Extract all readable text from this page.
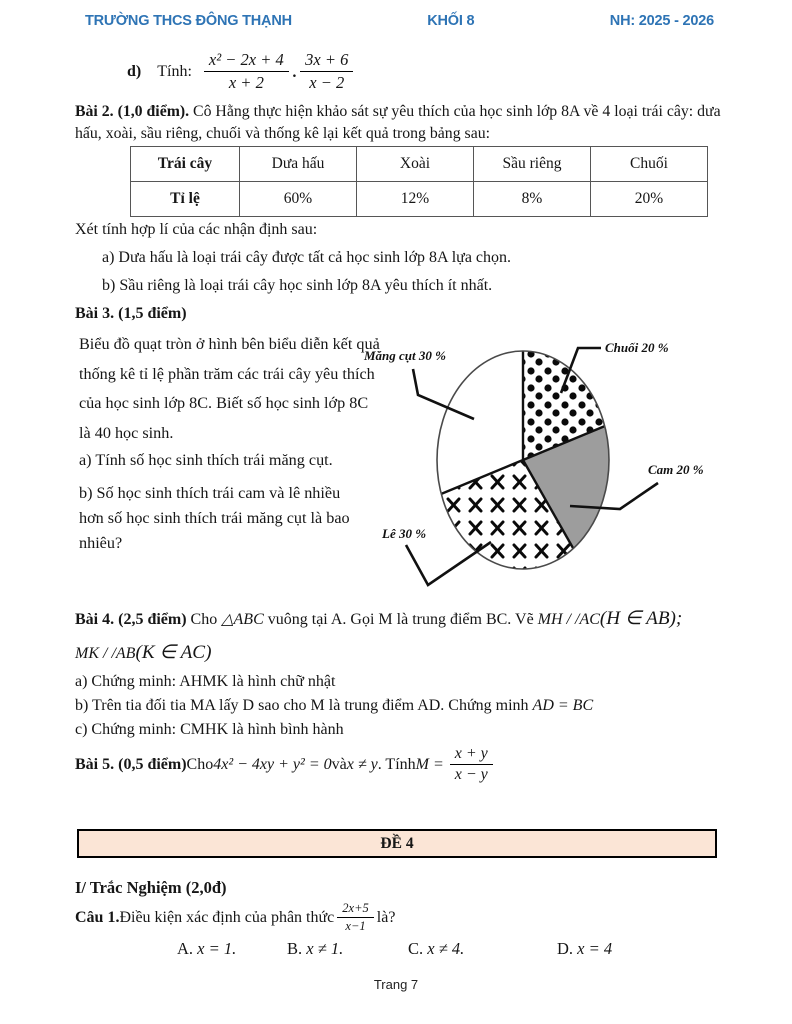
TRƯỜNG THCS ĐÔNG THẠNH	KHỐI 8	NH: 2025 - 2026
d) Tính: $\frac{\text{x² − 2x + 4}}{x + 2} \cdot \frac{3x + 6}{x - 2}$
Bài 2. (1,0 điểm). Cô Hằng thực hiện khảo sát sự yêu thích của học sinh lớp 8A về 4 loại trái cây: dưa hấu, xoài, sầu riêng, chuối và thống kê lại kết quả trong bảng sau:
Trái cây	Dưa hấu	Xoài	Sầu riêng	Chuối
Tỉ lệ	60%	12%	8%	20%
Xét tính hợp lí của các nhận định sau:
a) Dưa hấu là loại trái cây được tất cả học sinh lớp 8A lựa chọn.
b) Sầu riêng là loại trái cây học sinh lớp 8A yêu thích ít nhất.
Bài 3. (1,5 điểm)
Biểu đồ quạt tròn ở hình bên biểu diễn kết quả thống kê tỉ lệ phần trăm các trái cây yêu thích của học sinh lớp 8C. Biết số học sinh lớp 8C là 40 học sinh.
a) Tính số học sinh thích trái măng cụt.
b) Số học sinh thích trái cam và lê nhiều hơn số học sinh thích trái măng cụt là bao nhiêu?
Măng cụt 30 %
Chuối 20 %
Cam 20 %
Lê 30 %
Bài 4. (2,5 điểm) Cho △ABC vuông tại A. Gọi M là trung điểm BC. Vẽ MH / /AC(H ∈ AB);
MK / /AB(K ∈ AC)
a) Chứng minh: AHMK là hình chữ nhật
b) Trên tia đối tia MA lấy D sao cho M là trung điểm AD. Chứng minh AD = BC
c) Chứng minh: CMHK là hình bình hành
Bài 5. (0,5 điểm) Cho 4x² − 4xy + y² = 0 và x ≠ y . Tính $M = \frac{x + y}{x - y}$
ĐỀ 4
I/ Trắc Nghiệm (2,0đ)
Câu 1. Điều kiện xác định của phân thức $\frac{2x+5}{x-1}$ là?
A. x = 1.	B. x ≠ 1.	C. x ≠ 4.	D. x = 4
Trang 7
